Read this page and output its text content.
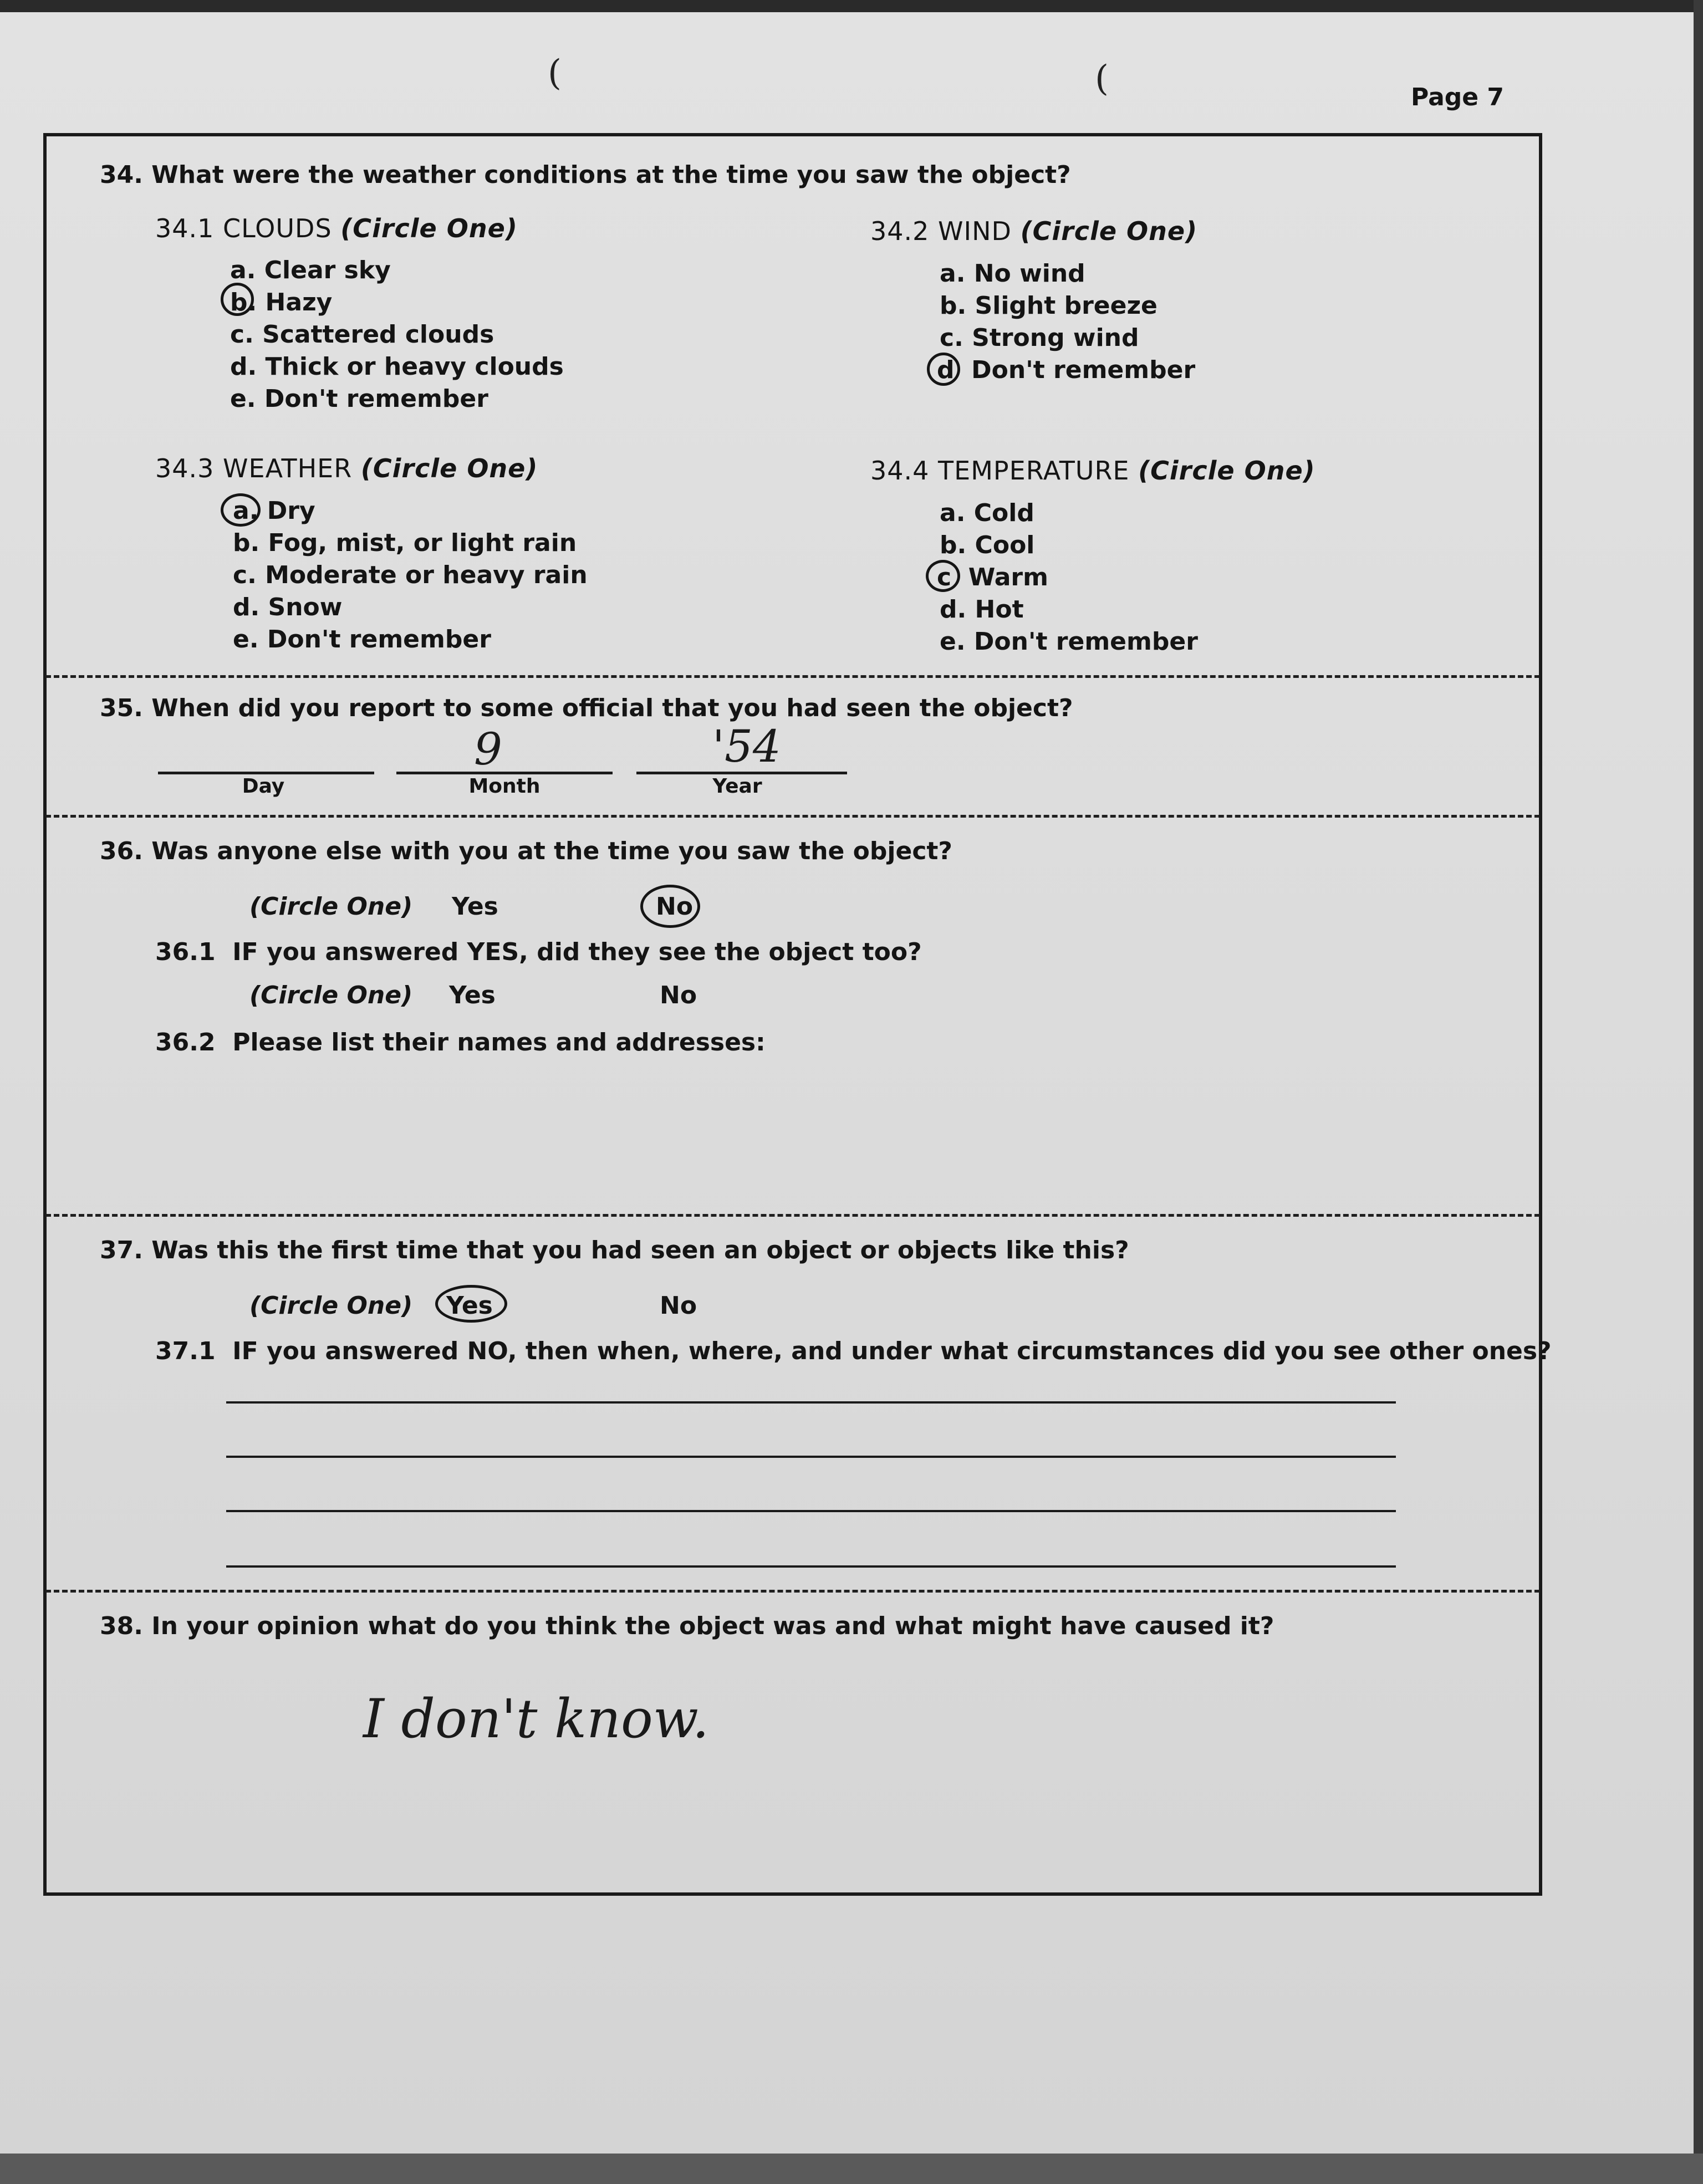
(	(	Page 7
34. What were the weather conditions at the time you saw the object?
34.1 CLOUDS (Circle One)
a. Clear sky
b. Hazy
c. Scattered clouds
d. Thick or heavy clouds
e. Don't remember
34.2 WIND (Circle One)
a. No wind
b. Slight breeze
c. Strong wind
d Don't remember
34.3 WEATHER (Circle One)
a. Dry
b. Fog, mist, or light rain
c. Moderate or heavy rain
d. Snow
e. Don't remember
34.4 TEMPERATURE (Circle One)
a. Cold
b. Cool
c Warm
d. Hot
e. Don't remember
35. When did you report to some official that you had seen the object?
Day
9
Month
'54
Year
36. Was anyone else with you at the time you saw the object?
(Circle One) Yes	No
36.1 IF you answered YES, did they see the object too?
(Circle One) Yes	No
36.2 Please list their names and addresses:
37. Was this the first time that you had seen an object or objects like this?
(Circle One) Yes	No
37.1 IF you answered NO, then when, where, and under what circumstances did you see other ones?
38. In your opinion what do you think the object was and what might have caused it?
I don't know.
